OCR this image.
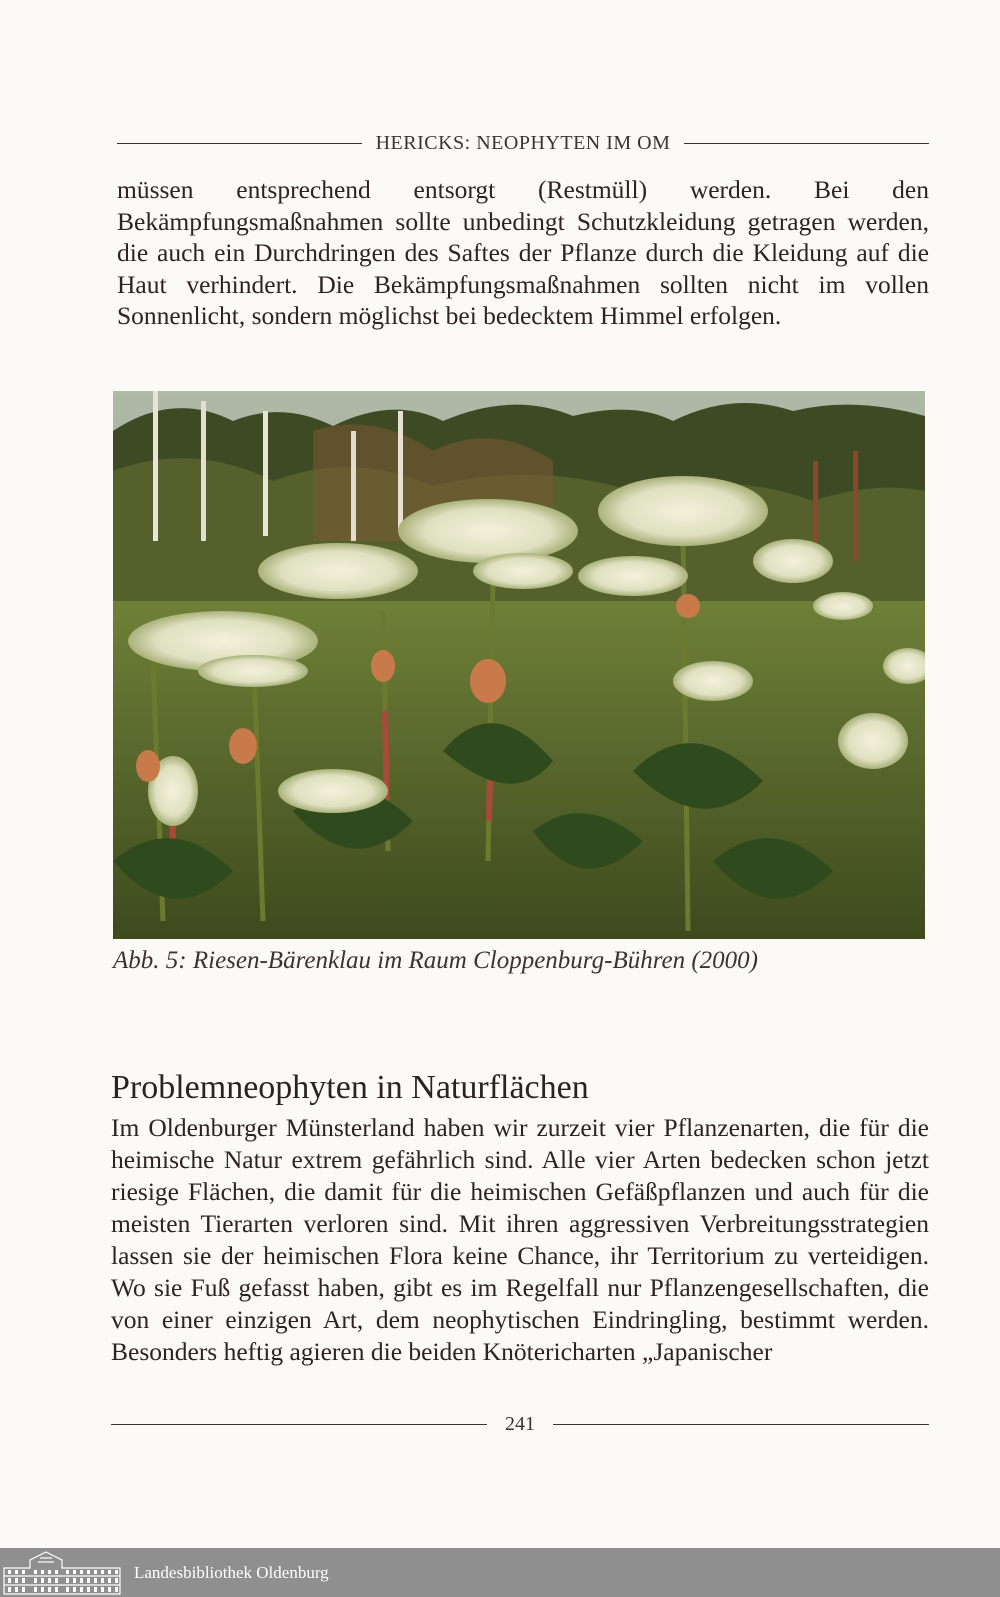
HERICKS: NEOPHYTEN IM OM

müssen entsprechend entsorgt (Restmüll) werden. Bei den Bekämpfungsmaßnahmen sollte unbedingt Schutzkleidung getragen werden, die auch ein Durchdringen des Saftes der Pflanze durch die Kleidung auf die Haut verhindert. Die Bekämpfungsmaßnahmen sollten nicht im vollen Sonnenlicht, sondern möglichst bei bedecktem Himmel erfolgen.

Abb. 5: Riesen-Bärenklau im Raum Cloppenburg-Bühren (2000)
Problemneophyten in Naturflächen

Im Oldenburger Münsterland haben wir zurzeit vier Pflanzenarten, die für die heimische Natur extrem gefährlich sind. Alle vier Arten bedecken schon jetzt riesige Flächen, die damit für die heimischen Gefäßpflanzen und auch für die meisten Tierarten verloren sind. Mit ihren aggressiven Verbreitungsstrategien lassen sie der heimischen Flora keine Chance, ihr Territorium zu verteidigen. Wo sie Fuß gefasst haben, gibt es im Regelfall nur Pflanzengesellschaften, die von einer einzigen Art, dem neophytischen Eindringling, bestimmt werden. Besonders heftig agieren die beiden Knötericharten „Japanischer

241
Landesbibliothek Oldenburg
